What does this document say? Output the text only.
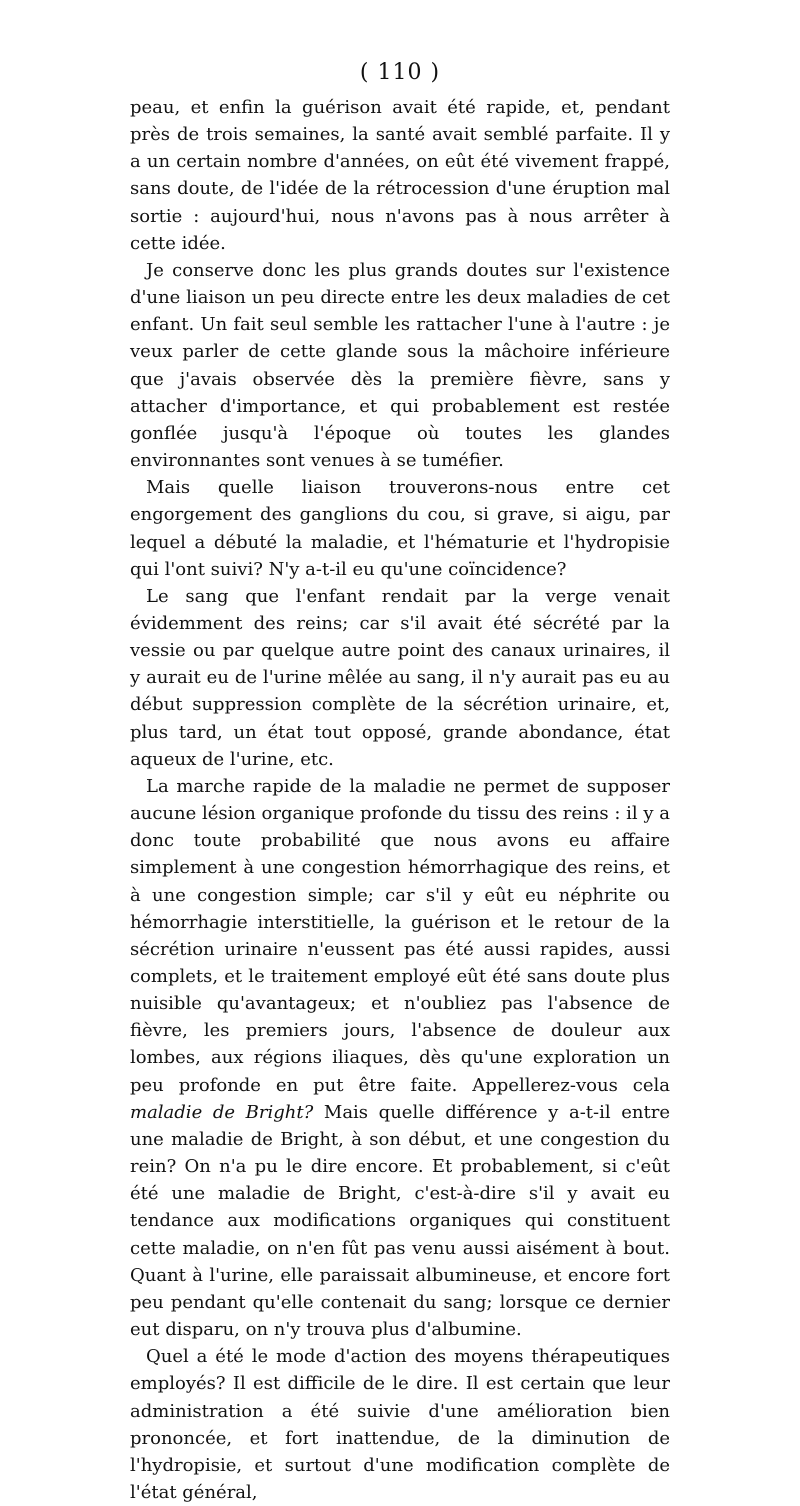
( 110 )

peau, et enfin la guérison avait été rapide, et, pendant près de trois semaines, la santé avait semblé parfaite. Il y a un certain nombre d'années, on eût été vivement frappé, sans doute, de l'idée de la rétrocession d'une éruption mal sortie : aujourd'hui, nous n'avons pas à nous arrêter à cette idée.

Je conserve donc les plus grands doutes sur l'existence d'une liaison un peu directe entre les deux maladies de cet enfant. Un fait seul semble les rattacher l'une à l'autre : je veux parler de cette glande sous la mâchoire inférieure que j'avais observée dès la première fièvre, sans y attacher d'importance, et qui probablement est restée gonflée jusqu'à l'époque où toutes les glandes environnantes sont venues à se tuméfier.

Mais quelle liaison trouverons-nous entre cet engorgement des ganglions du cou, si grave, si aigu, par lequel a débuté la maladie, et l'hématurie et l'hydropisie qui l'ont suivi? N'y a-t-il eu qu'une coïncidence?

Le sang que l'enfant rendait par la verge venait évidemment des reins; car s'il avait été sécrété par la vessie ou par quelque autre point des canaux urinaires, il y aurait eu de l'urine mêlée au sang, il n'y aurait pas eu au début suppression complète de la sécrétion urinaire, et, plus tard, un état tout opposé, grande abondance, état aqueux de l'urine, etc.

La marche rapide de la maladie ne permet de supposer aucune lésion organique profonde du tissu des reins : il y a donc toute probabilité que nous avons eu affaire simplement à une congestion hémorrhagique des reins, et à une congestion simple; car s'il y eût eu néphrite ou hémorrhagie interstitielle, la guérison et le retour de la sécrétion urinaire n'eussent pas été aussi rapides, aussi complets, et le traitement employé eût été sans doute plus nuisible qu'avantageux; et n'oubliez pas l'absence de fièvre, les premiers jours, l'absence de douleur aux lombes, aux régions iliaques, dès qu'une exploration un peu profonde en put être faite. Appellerez-vous cela maladie de Bright? Mais quelle différence y a-t-il entre une maladie de Bright, à son début, et une congestion du rein? On n'a pu le dire encore. Et probablement, si c'eût été une maladie de Bright, c'est-à-dire s'il y avait eu tendance aux modifications organiques qui constituent cette maladie, on n'en fût pas venu aussi aisément à bout. Quant à l'urine, elle paraissait albumineuse, et encore fort peu pendant qu'elle contenait du sang; lorsque ce dernier eut disparu, on n'y trouva plus d'albumine.

Quel a été le mode d'action des moyens thérapeutiques employés? Il est difficile de le dire. Il est certain que leur administration a été suivie d'une amélioration bien prononcée, et fort inattendue, de la diminution de l'hydropisie, et surtout d'une modification complète de l'état général,
